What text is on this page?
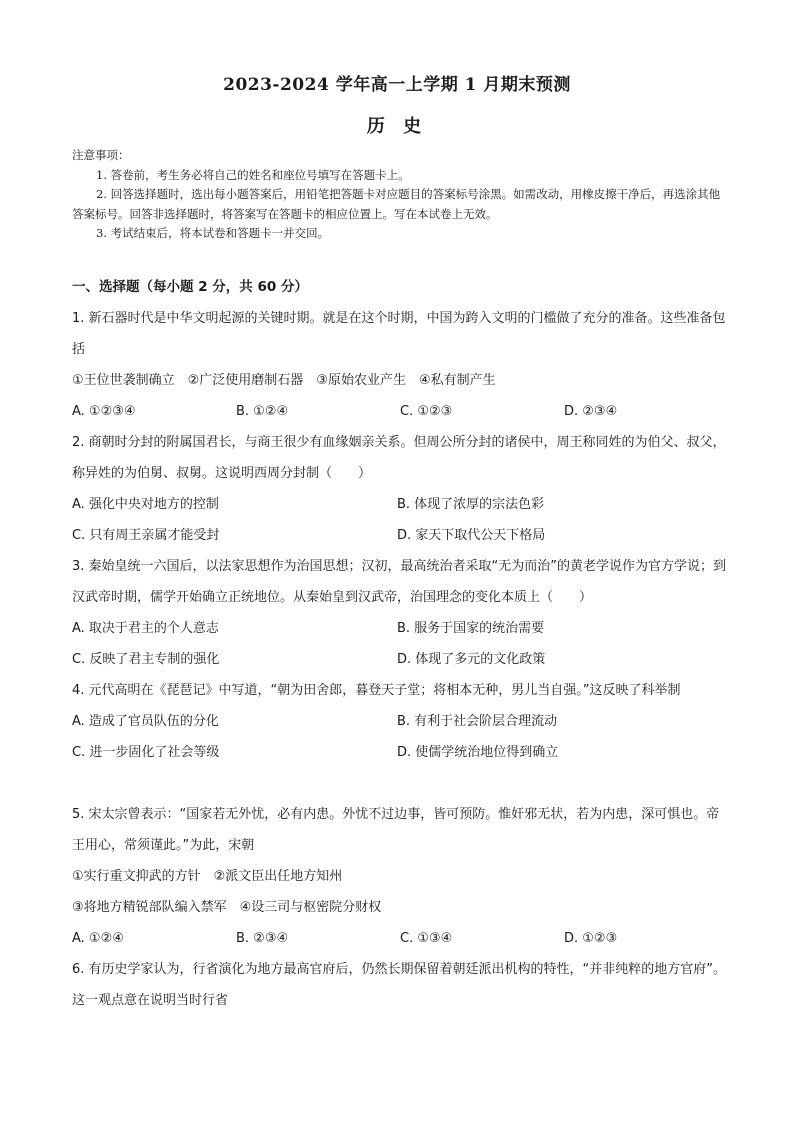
2023-2024 学年高一上学期 1 月期末预测
历 史

注意事项：

1. 答卷前，考生务必将自己的姓名和座位号填写在答题卡上。

2. 回答选择题时，选出每小题答案后，用铅笔把答题卡对应题目的答案标号涂黑。如需改动，用橡皮擦干净后，再选涂其他答案标号。回答非选择题时，将答案写在答题卡的相应位置上。写在本试卷上无效。

3. 考试结束后，将本试卷和答题卡一并交回。

一、选择题（每小题 2 分，共 60 分）

1. 新石器时代是中华文明起源的关键时期。就是在这个时期，中国为跨入文明的门槛做了充分的准备。这些准备包括

①王位世袭制确立　②广泛使用磨制石器　③原始农业产生　④私有制产生

A. ①②③④	B. ①②④	C. ①②③	D. ②③④

2. 商朝时分封的附属国君长，与商王很少有血缘姻亲关系。但周公所分封的诸侯中，周王称同姓的为伯父、叔父，称异姓的为伯舅、叔舅。这说明西周分封制（　　）

A. 强化中央对地方的控制	B. 体现了浓厚的宗法色彩
C. 只有周王亲属才能受封	D. 家天下取代公天下格局

3. 秦始皇统一六国后，以法家思想作为治国思想；汉初，最高统治者采取“无为而治”的黄老学说作为官方学说；到汉武帝时期，儒学开始确立正统地位。从秦始皇到汉武帝，治国理念的变化本质上（　　）

A. 取决于君主的个人意志	B. 服务于国家的统治需要
C. 反映了君主专制的强化	D. 体现了多元的文化政策

4. 元代高明在《琵琶记》中写道，“朝为田舍郎，暮登天子堂；将相本无种，男儿当自强。”这反映了科举制

A. 造成了官员队伍的分化	B. 有利于社会阶层合理流动
C. 进一步固化了社会等级	D. 使儒学统治地位得到确立

5. 宋太宗曾表示：“国家若无外忧，必有内患。外忧不过边事，皆可预防。惟奸邪无状，若为内患，深可惧也。帝王用心，常须谨此。”为此，宋朝

①实行重文抑武的方针　②派文臣出任地方知州

③将地方精锐部队编入禁军　④设三司与枢密院分财权

A. ①②④	B. ②③④	C. ①③④	D. ①②③

6. 有历史学家认为，行省演化为地方最高官府后，仍然长期保留着朝廷派出机构的特性，“并非纯粹的地方官府”。这一观点意在说明当时行省
